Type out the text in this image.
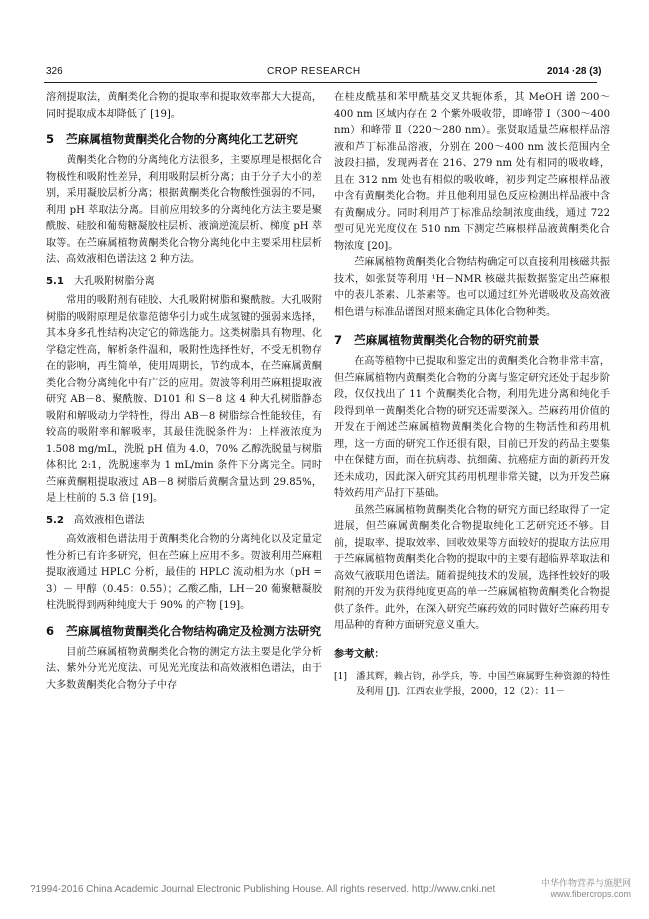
326	CROP RESEARCH	2014 ·28 (3)

溶剂提取法，黄酮类化合物的提取率和提取效率都大大提高，同时提取成本却降低了 [19]。

5 苎麻属植物黄酮类化合物的分离纯化工艺研究

黄酮类化合物的分离纯化方法很多，主要原理是根据化合物极性和吸附性差异，利用吸附层析分离；由于分子大小的差别，采用凝胶层析分离；根据黄酮类化合物酸性强弱的不同，利用 pH 萃取法分离。目前应用较多的分离纯化方法主要是聚酰胺、硅胶和葡萄糖凝胶柱层析、液滴逆流层析、梯度 pH 萃取等。在苎麻属植物黄酮类化合物分离纯化中主要采用柱层析法、高效液相色谱法这 2 种方法。

5.1 大孔吸附树脂分离

常用的吸附剂有硅胶、大孔吸附树脂和聚酰胺。大孔吸附树脂的吸附原理是依靠范德华引力或生成氢键的强弱来选择，其本身多孔性结构决定它的筛选能力。这类树脂具有物理、化学稳定性高，解析条件温和，吸附性选择性好，不受无机物存在的影响，再生简单，使用周期长，节约成本，在苎麻属黄酮类化合物分离纯化中有广泛的应用。贺波等利用苎麻粗提取液研究 AB－8、聚酰胺、D101 和 S－8 这 4 种大孔树脂静态吸附和解吸动力学特性，得出 AB－8 树脂综合性能较佳，有较高的吸附率和解吸率，其最佳洗脱条件为：上样液浓度为 1.508 mg/mL，洗脱 pH 值为 4.0，70% 乙醇洗脱量与树脂体积比 2:1，洗脱速率为 1 mL/min 条件下分离完全。同时苎麻黄酮粗提取液过 AB－8 树脂后黄酮含量达到 29.85%，是上柱前的 5.3 倍 [19]。

5.2 高效液相色谱法

高效液相色谱法用于黄酮类化合物的分离纯化以及定量定性分析已有许多研究，但在苎麻上应用不多。贺波利用苎麻粗提取液通过 HPLC 分析，最佳的 HPLC 流动相为水（pH = 3）－ 甲醇（0.45：0.55）；乙酸乙酯，LH－20 葡聚糖凝胶柱洗脱得到两种纯度大于 90% 的产物 [19]。

6 苎麻属植物黄酮类化合物结构确定及检测方法研究

目前苎麻属植物黄酮类化合物的测定方法主要是化学分析法、紫外分光光度法、可见光光度法和高效液相色谱法，由于大多数黄酮类化合物分子中存

在桂皮酰基和苯甲酰基交叉共轭体系，其 MeOH 谱 200～400 nm 区域内存在 2 个紫外吸收带，即峰带 Ⅰ（300～400 nm）和峰带 Ⅱ（220～280 nm）。张贤取适量苎麻根样品溶液和芦丁标准品溶液，分别在 200～400 nm 波长范围内全波段扫描，发现两者在 216、279 nm 处有相同的吸收峰，且在 312 nm 处也有相似的吸收峰，初步判定苎麻根样品液中含有黄酮类化合物。并且他利用显色反应检测出样品液中含有黄酮成分。同时利用芦丁标准品绘制浓度曲线，通过 722 型可见光光度仪在 510 nm 下测定苎麻根样品液黄酮类化合物浓度 [20]。

苎麻属植物黄酮类化合物结构确定可以直接利用核磁共振技术，如张贤等利用 ¹H－NMR 核磁共振数据鉴定出苎麻根中的表儿茶素、儿茶素等。也可以通过红外光谱吸收及高效液相色谱与标准品谱图对照来确定具体化合物种类。

7 苎麻属植物黄酮类化合物的研究前景

在高等植物中已提取和鉴定出的黄酮类化合物非常丰富，但苎麻属植物内黄酮类化合物的分离与鉴定研究还处于起步阶段，仅仅找出了 11 个黄酮类化合物，利用先进分离和纯化手段得到单一黄酮类化合物的研究还需要深入。苎麻药用价值的开发在于阐述苎麻属植物黄酮类化合物的生物活性和药用机理，这一方面的研究工作还很有限，目前已开发的药品主要集中在保健方面，而在抗病毒、抗细菌、抗癌症方面的新药开发还未成功，因此深入研究其药用机理非常关键，以为开发苎麻特效药用产品打下基础。

虽然苎麻属植物黄酮类化合物的研究方面已经取得了一定进展，但苎麻属黄酮类化合物提取纯化工艺研究还不够。目前，提取率、提取效率、回收效果等方面较好的提取方法应用于苎麻属植物黄酮类化合物的提取中的主要有超临界萃取法和高效气液联用色谱法。随着提纯技术的发展，选择性较好的吸附剂的开发为获得纯度更高的单一苎麻属植物黄酮类化合物提供了条件。此外，在深入研究苎麻药效的同时做好苎麻药用专用品种的育种方面研究意义重大。

参考文献：
[1] 潘其辉，赖占钧，孙学兵，等．中国苎麻属野生种资源的特性及利用 [J]．江西农业学报，2000，12（2）：11－
?1994-2016 China Academic Journal Electronic Publishing House. All rights reserved. http://www.cnki.net
中华作物营养与施肥网
www.fibercrops.com
